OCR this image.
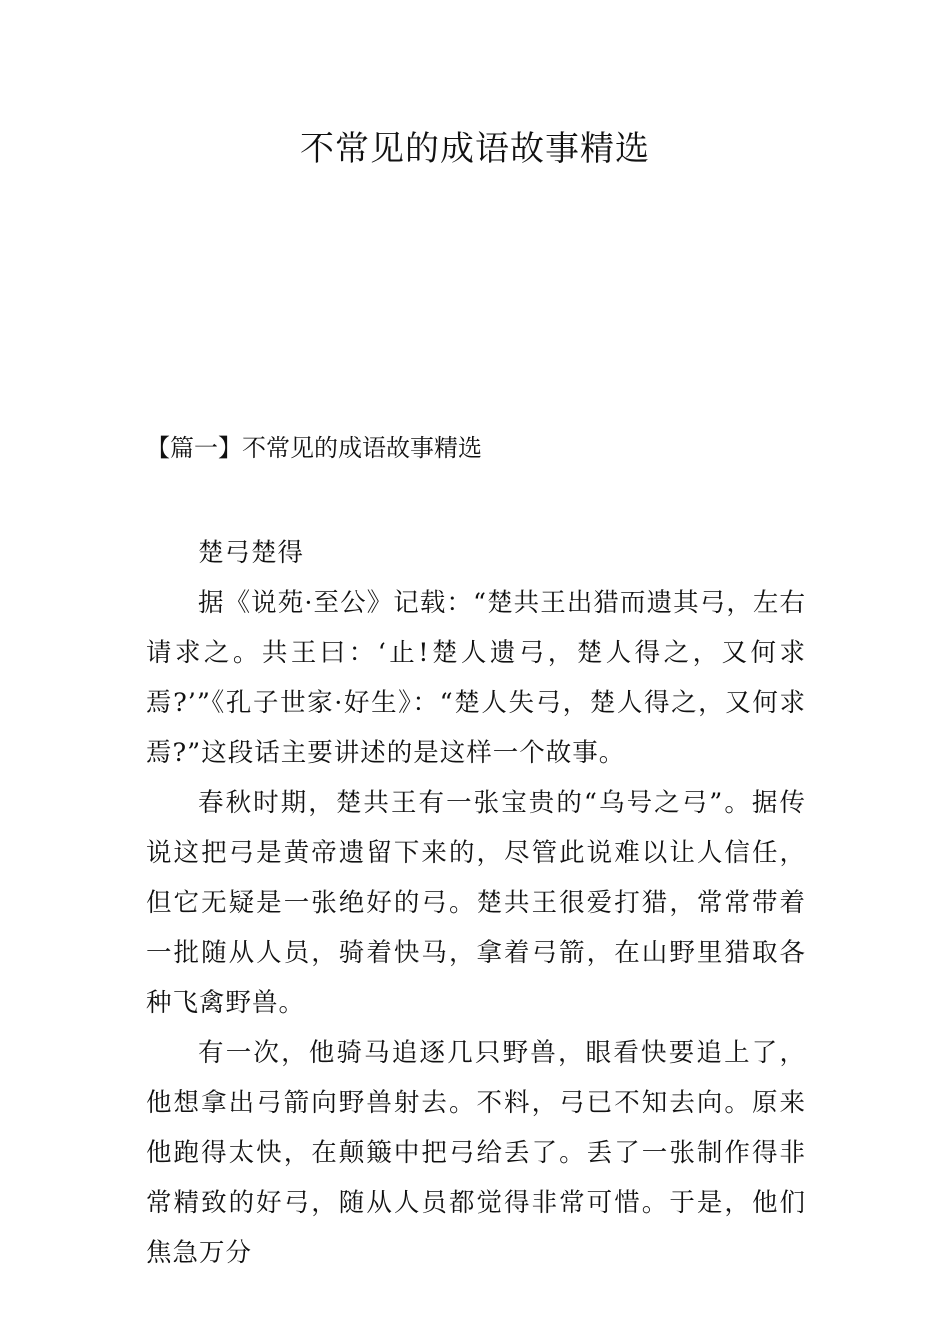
不常见的成语故事精选
【篇一】不常见的成语故事精选

楚弓楚得

据《说苑·至公》记载：“楚共王出猎而遗其弓，左右请求之。共王曰：‘止!楚人遗弓，楚人得之，又何求焉?’”《孔子世家·好生》：“楚人失弓，楚人得之，又何求焉?”这段话主要讲述的是这样一个故事。

春秋时期，楚共王有一张宝贵的“乌号之弓”。据传说这把弓是黄帝遗留下来的，尽管此说难以让人信任，但它无疑是一张绝好的弓。楚共王很爱打猎，常常带着一批随从人员，骑着快马，拿着弓箭，在山野里猎取各种飞禽野兽。

有一次，他骑马追逐几只野兽，眼看快要追上了，他想拿出弓箭向野兽射去。不料，弓已不知去向。原来他跑得太快，在颠簸中把弓给丢了。丢了一张制作得非常精致的好弓，随从人员都觉得非常可惜。于是，他们焦急万分
